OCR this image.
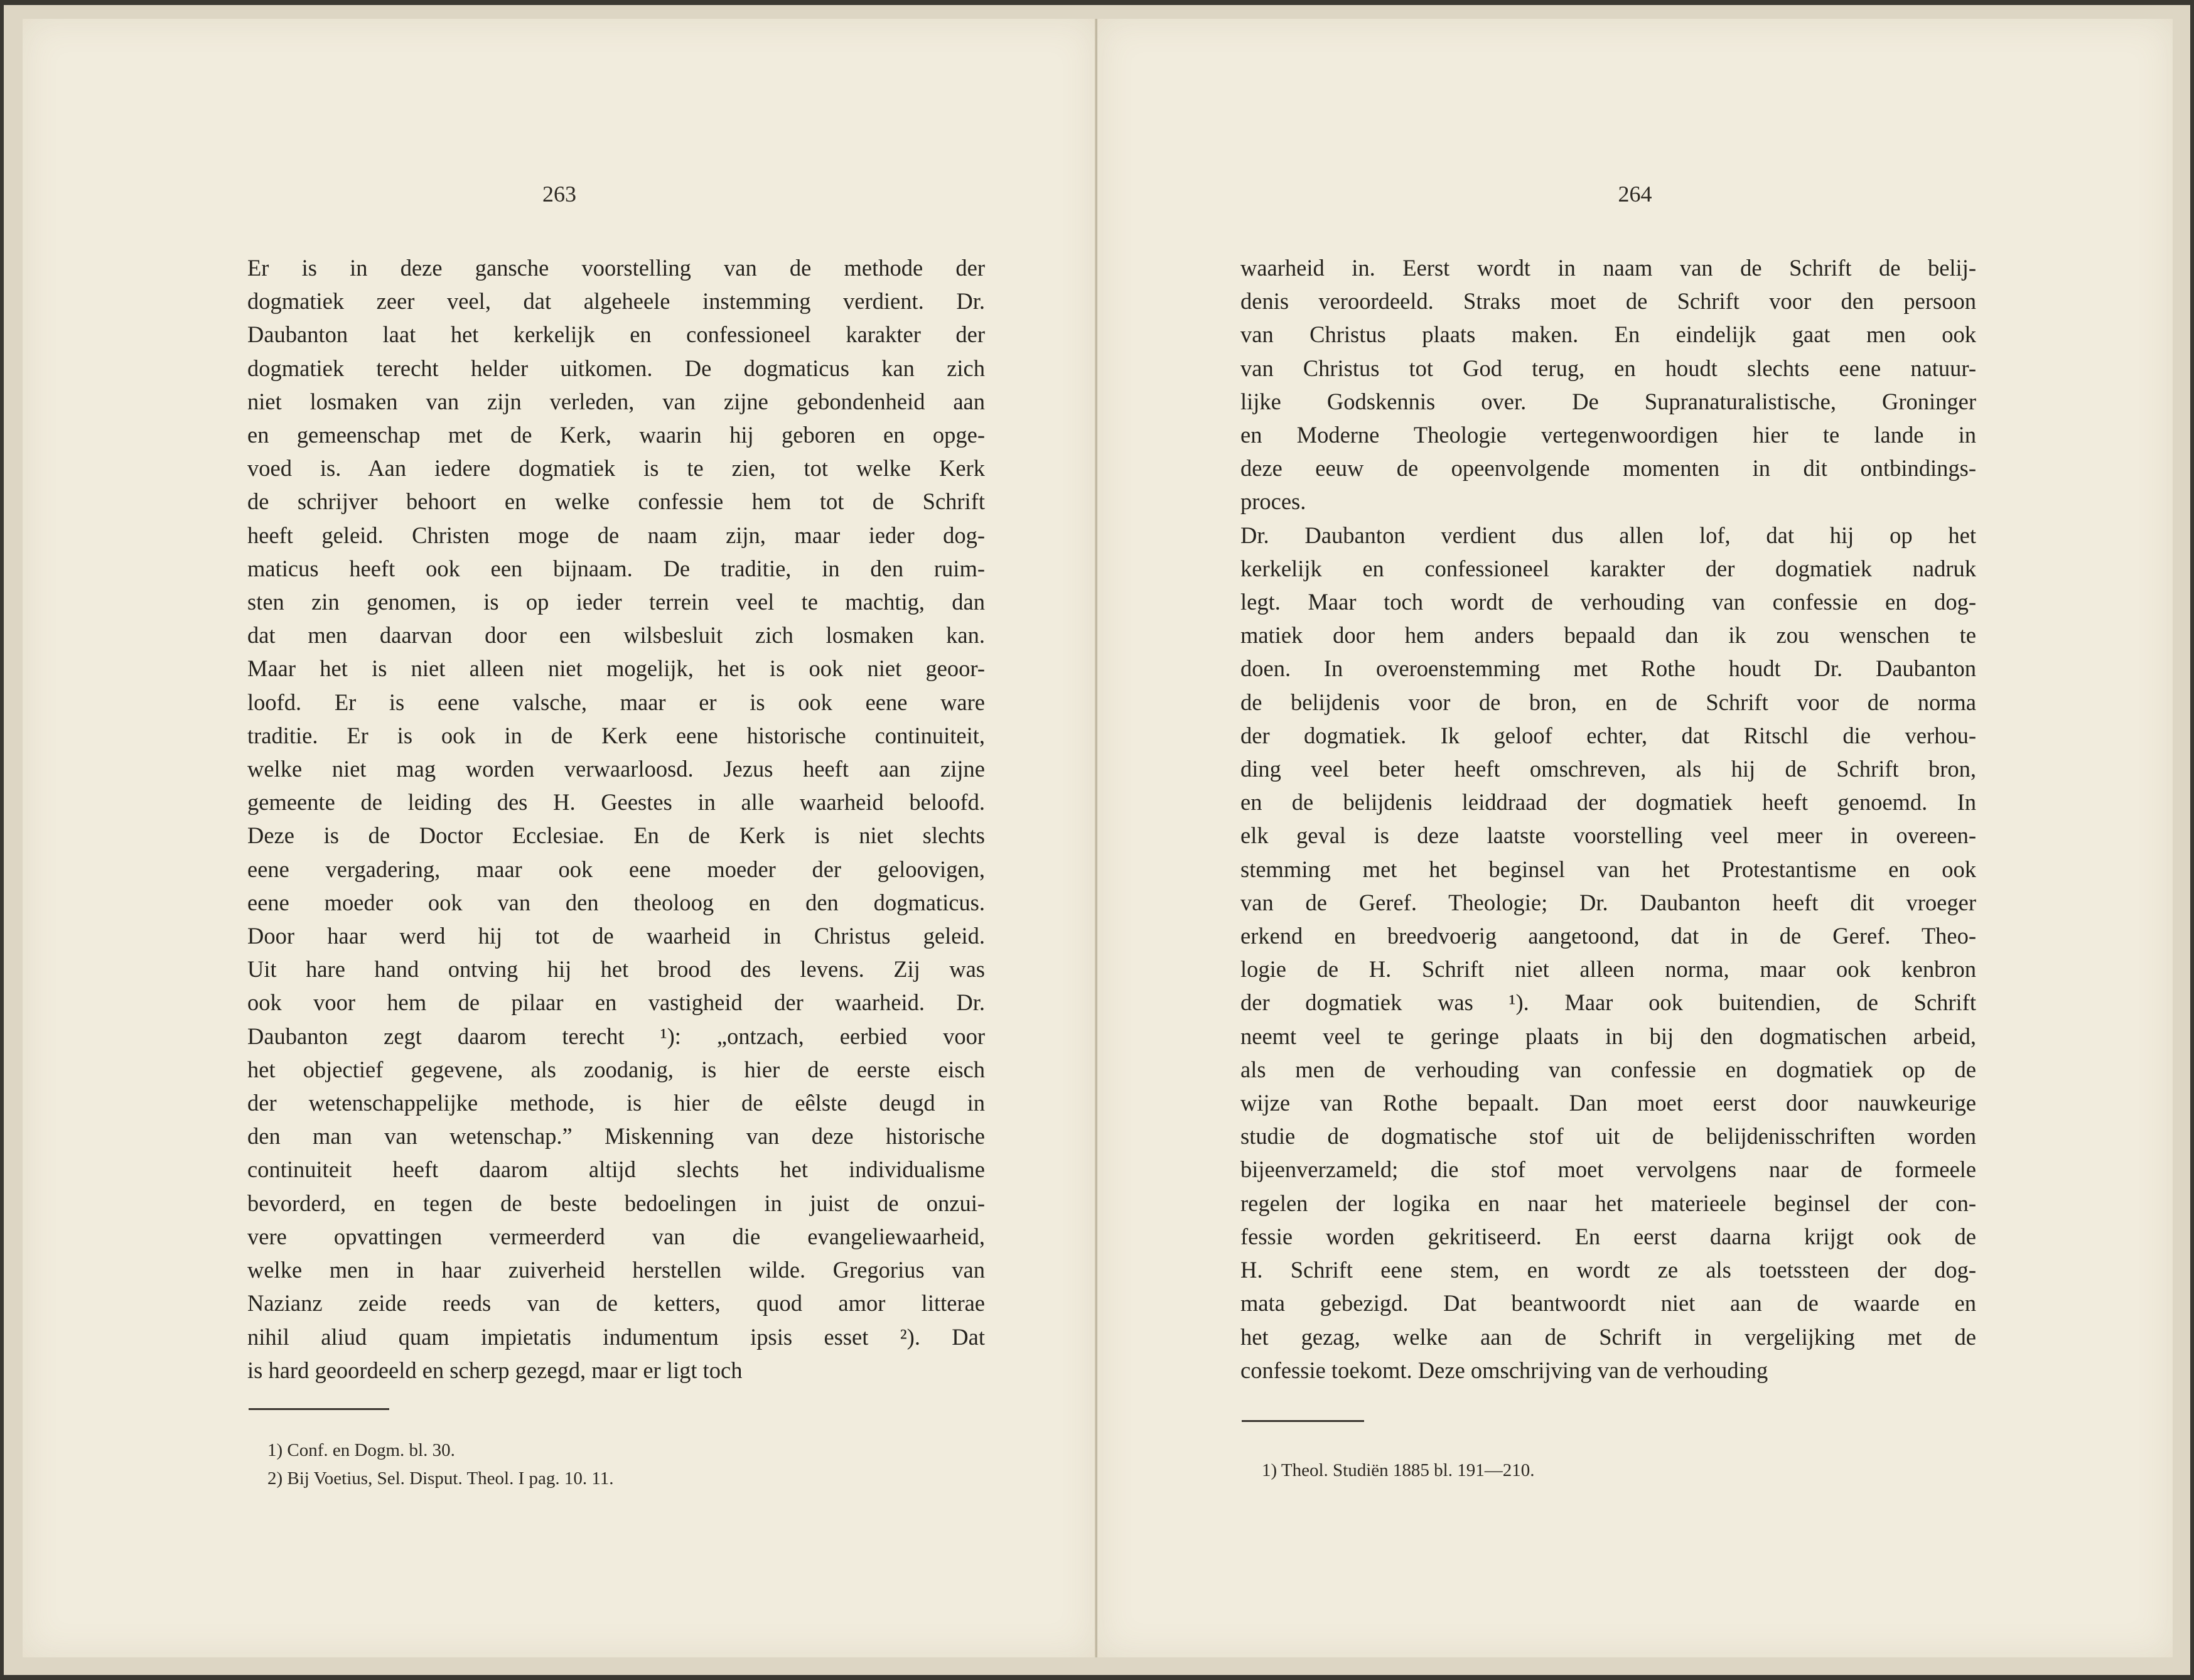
263
Er is in deze gansche voorstelling van de methode der
dogmatiek zeer veel, dat algeheele instemming verdient. Dr.
Daubanton laat het kerkelijk en confessioneel karakter der
dogmatiek terecht helder uitkomen. De dogmaticus kan zich
niet losmaken van zijn verleden, van zijne gebondenheid aan
en gemeenschap met de Kerk, waarin hij geboren en opge-
voed is. Aan iedere dogmatiek is te zien, tot welke Kerk
de schrijver behoort en welke confessie hem tot de Schrift
heeft geleid. Christen moge de naam zijn, maar ieder dog-
maticus heeft ook een bijnaam. De traditie, in den ruim-
sten zin genomen, is op ieder terrein veel te machtig, dan
dat men daarvan door een wilsbesluit zich losmaken kan.
Maar het is niet alleen niet mogelijk, het is ook niet geoor-
loofd. Er is eene valsche, maar er is ook eene ware
traditie. Er is ook in de Kerk eene historische continuiteit,
welke niet mag worden verwaarloosd. Jezus heeft aan zijne
gemeente de leiding des H. Geestes in alle waarheid beloofd.
Deze is de Doctor Ecclesiae. En de Kerk is niet slechts
eene vergadering, maar ook eene moeder der geloovigen,
eene moeder ook van den theoloog en den dogmaticus.
Door haar werd hij tot de waarheid in Christus geleid.
Uit hare hand ontving hij het brood des levens. Zij was
ook voor hem de pilaar en vastigheid der waarheid. Dr.
Daubanton zegt daarom terecht ¹): „ontzach, eerbied voor
het objectief gegevene, als zoodanig, is hier de eerste eisch
der wetenschappelijke methode, is hier de eêlste deugd in
den man van wetenschap.” Miskenning van deze historische
continuiteit heeft daarom altijd slechts het individualisme
bevorderd, en tegen de beste bedoelingen in juist de onzui-
vere opvattingen vermeerderd van die evangeliewaarheid,
welke men in haar zuiverheid herstellen wilde. Gregorius van
Nazianz zeide reeds van de ketters, quod amor litterae
nihil aliud quam impietatis indumentum ipsis esset ²). Dat
is hard geoordeeld en scherp gezegd, maar er ligt toch
1) Conf. en Dogm. bl. 30.
2) Bij Voetius, Sel. Disput. Theol. I pag. 10. 11.
264
waarheid in. Eerst wordt in naam van de Schrift de belij-
denis veroordeeld. Straks moet de Schrift voor den persoon
van Christus plaats maken. En eindelijk gaat men ook
van Christus tot God terug, en houdt slechts eene natuur-
lijke Godskennis over. De Supranaturalistische, Groninger
en Moderne Theologie vertegenwoordigen hier te lande in
deze eeuw de opeenvolgende momenten in dit ontbindings-
proces.
Dr. Daubanton verdient dus allen lof, dat hij op het
kerkelijk en confessioneel karakter der dogmatiek nadruk
legt. Maar toch wordt de verhouding van confessie en dog-
matiek door hem anders bepaald dan ik zou wenschen te
doen. In overoenstemming met Rothe houdt Dr. Daubanton
de belijdenis voor de bron, en de Schrift voor de norma
der dogmatiek. Ik geloof echter, dat Ritschl die verhou-
ding veel beter heeft omschreven, als hij de Schrift bron,
en de belijdenis leiddraad der dogmatiek heeft genoemd. In
elk geval is deze laatste voorstelling veel meer in overeen-
stemming met het beginsel van het Protestantisme en ook
van de Geref. Theologie; Dr. Daubanton heeft dit vroeger
erkend en breedvoerig aangetoond, dat in de Geref. Theo-
logie de H. Schrift niet alleen norma, maar ook kenbron
der dogmatiek was ¹). Maar ook buitendien, de Schrift
neemt veel te geringe plaats in bij den dogmatischen arbeid,
als men de verhouding van confessie en dogmatiek op de
wijze van Rothe bepaalt. Dan moet eerst door nauwkeurige
studie de dogmatische stof uit de belijdenisschriften worden
bijeenverzameld; die stof moet vervolgens naar de formeele
regelen der logika en naar het materieele beginsel der con-
fessie worden gekritiseerd. En eerst daarna krijgt ook de
H. Schrift eene stem, en wordt ze als toetssteen der dog-
mata gebezigd. Dat beantwoordt niet aan de waarde en
het gezag, welke aan de Schrift in vergelijking met de
confessie toekomt. Deze omschrijving van de verhouding
1) Theol. Studiën 1885 bl. 191—210.
